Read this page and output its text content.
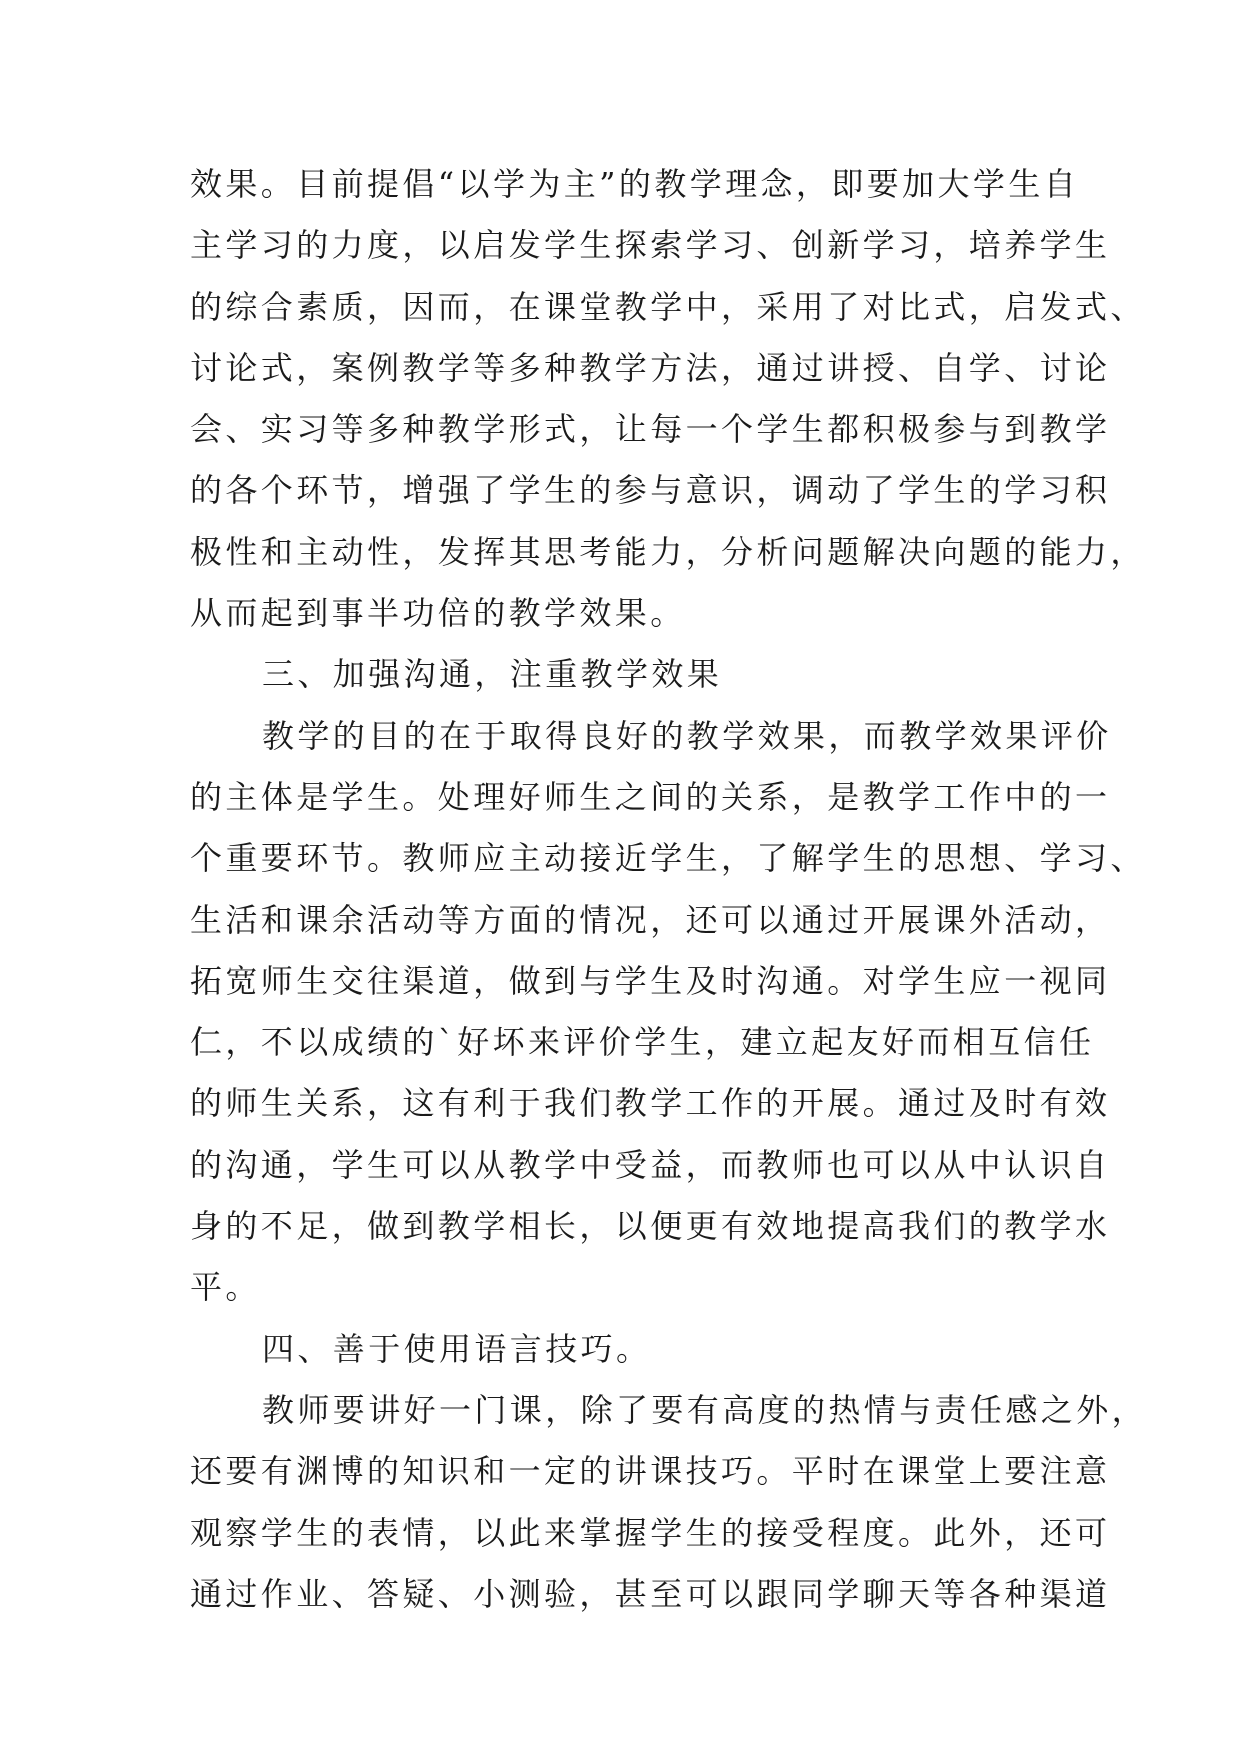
效果。目前提倡“以学为主”的教学理念，即要加大学生自
主学习的力度，以启发学生探索学习、创新学习，培养学生
的综合素质，因而，在课堂教学中，采用了对比式，启发式、
讨论式，案例教学等多种教学方法，通过讲授、自学、讨论
会、实习等多种教学形式，让每一个学生都积极参与到教学
的各个环节，增强了学生的参与意识，调动了学生的学习积
极性和主动性，发挥其思考能力，分析问题解决向题的能力，
从而起到事半功倍的教学效果。
三、加强沟通，注重教学效果
教学的目的在于取得良好的教学效果，而教学效果评价
的主体是学生。处理好师生之间的关系，是教学工作中的一
个重要环节。教师应主动接近学生，了解学生的思想、学习、
生活和课余活动等方面的情况，还可以通过开展课外活动，
拓宽师生交往渠道，做到与学生及时沟通。对学生应一视同
仁，不以成绩的`好坏来评价学生，建立起友好而相互信任
的师生关系，这有利于我们教学工作的开展。通过及时有效
的沟通，学生可以从教学中受益，而教师也可以从中认识自
身的不足，做到教学相长，以便更有效地提高我们的教学水
平。
四、善于使用语言技巧。
教师要讲好一门课，除了要有高度的热情与责任感之外，
还要有渊博的知识和一定的讲课技巧。平时在课堂上要注意
观察学生的表情，以此来掌握学生的接受程度。此外，还可
通过作业、答疑、小测验，甚至可以跟同学聊天等各种渠道
